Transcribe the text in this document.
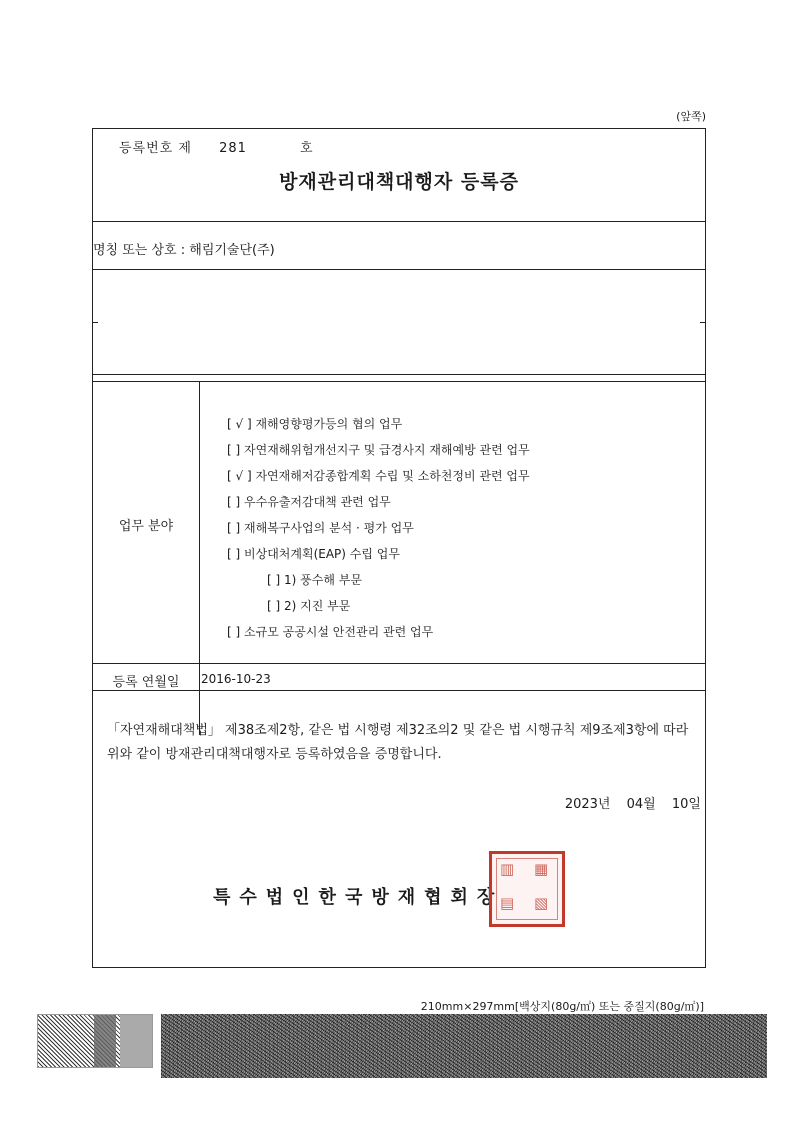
(앞쪽)
등록번호 제 281	호
방재관리대책대행자 등록증
명칭 또는 상호 : 해림기술단(주)
업무 분야
[ √ ] 재해영향평가등의 협의 업무
[ ] 자연재해위험개선지구 및 급경사지 재해예방 관련 업무
[ √ ] 자연재해저감종합계획 수립 및 소하천정비 관련 업무
[ ] 우수유출저감대책 관련 업무
[ ] 재해복구사업의 분석 · 평가 업무
[ ] 비상대처계획(EAP) 수립 업무
[ ] 1) 풍수해 부문
[ ] 2) 지진 부문
[ ] 소규모 공공시설 안전관리 관련 업무
등록 연월일	2016-10-23
「자연재해대책법」 제38조제2항, 같은 법 시행령 제32조의2 및 같은 법 시행규칙 제9조제3항에 따라 위와 같이 방재관리대책대행자로 등록하였음을 증명합니다.
2023년 04월 10일
특수법인한국방재협회장
▥ ▦
▤ ▧
210mm×297mm[백상지(80g/㎡) 또는 중질지(80g/㎡)]
